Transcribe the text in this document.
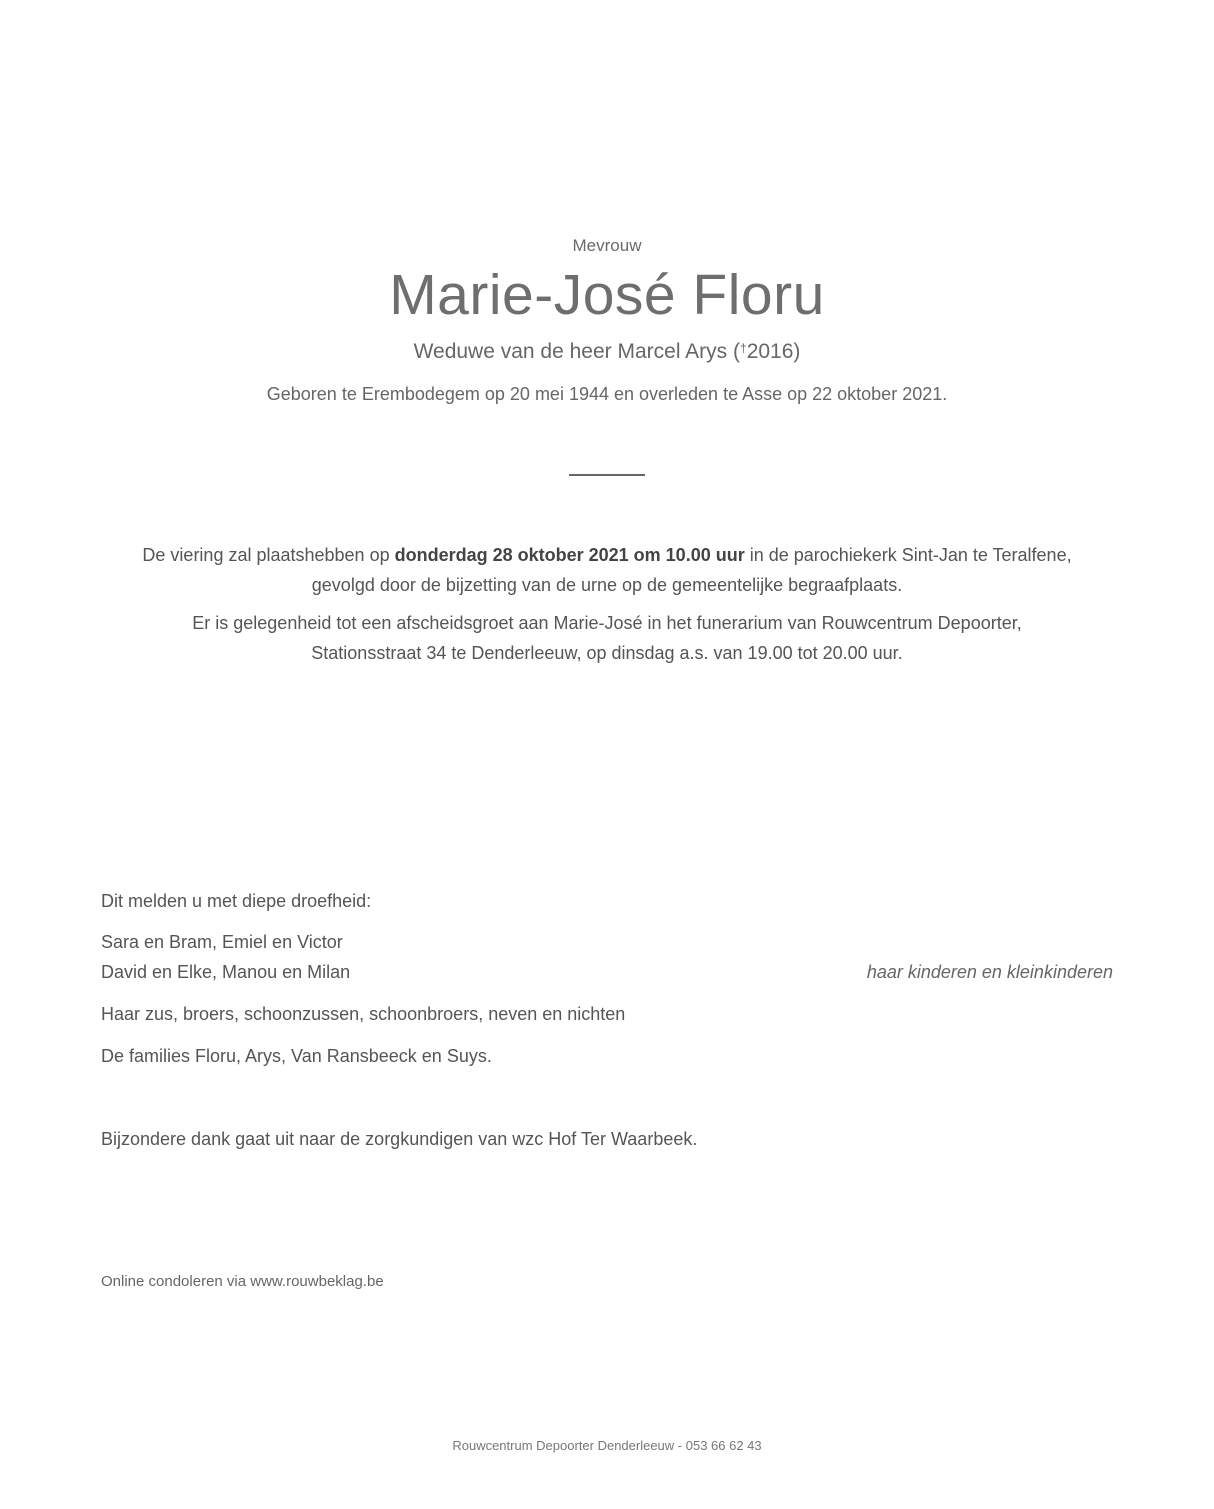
Mevrouw
Marie-José Floru
Weduwe van de heer Marcel Arys (†2016)
Geboren te Erembodegem op 20 mei 1944 en overleden te Asse op 22 oktober 2021.
De viering zal plaatshebben op donderdag 28 oktober 2021 om 10.00 uur in de parochiekerk Sint-Jan te Teralfene,
gevolgd door de bijzetting van de urne op de gemeentelijke begraafplaats.
Er is gelegenheid tot een afscheidsgroet aan Marie-José in het funerarium van Rouwcentrum Depoorter,
Stationsstraat 34 te Denderleeuw, op dinsdag a.s. van 19.00 tot 20.00 uur.
Dit melden u met diepe droefheid:
Sara en Bram, Emiel en Victor
David en Elke, Manou en Milan	haar kinderen en kleinkinderen
Haar zus, broers, schoonzussen, schoonbroers, neven en nichten
De families Floru, Arys, Van Ransbeeck en Suys.
Bijzondere dank gaat uit naar de zorgkundigen van wzc Hof Ter Waarbeek.
Online condoleren via www.rouwbeklag.be
Rouwcentrum Depoorter Denderleeuw - 053 66 62 43
